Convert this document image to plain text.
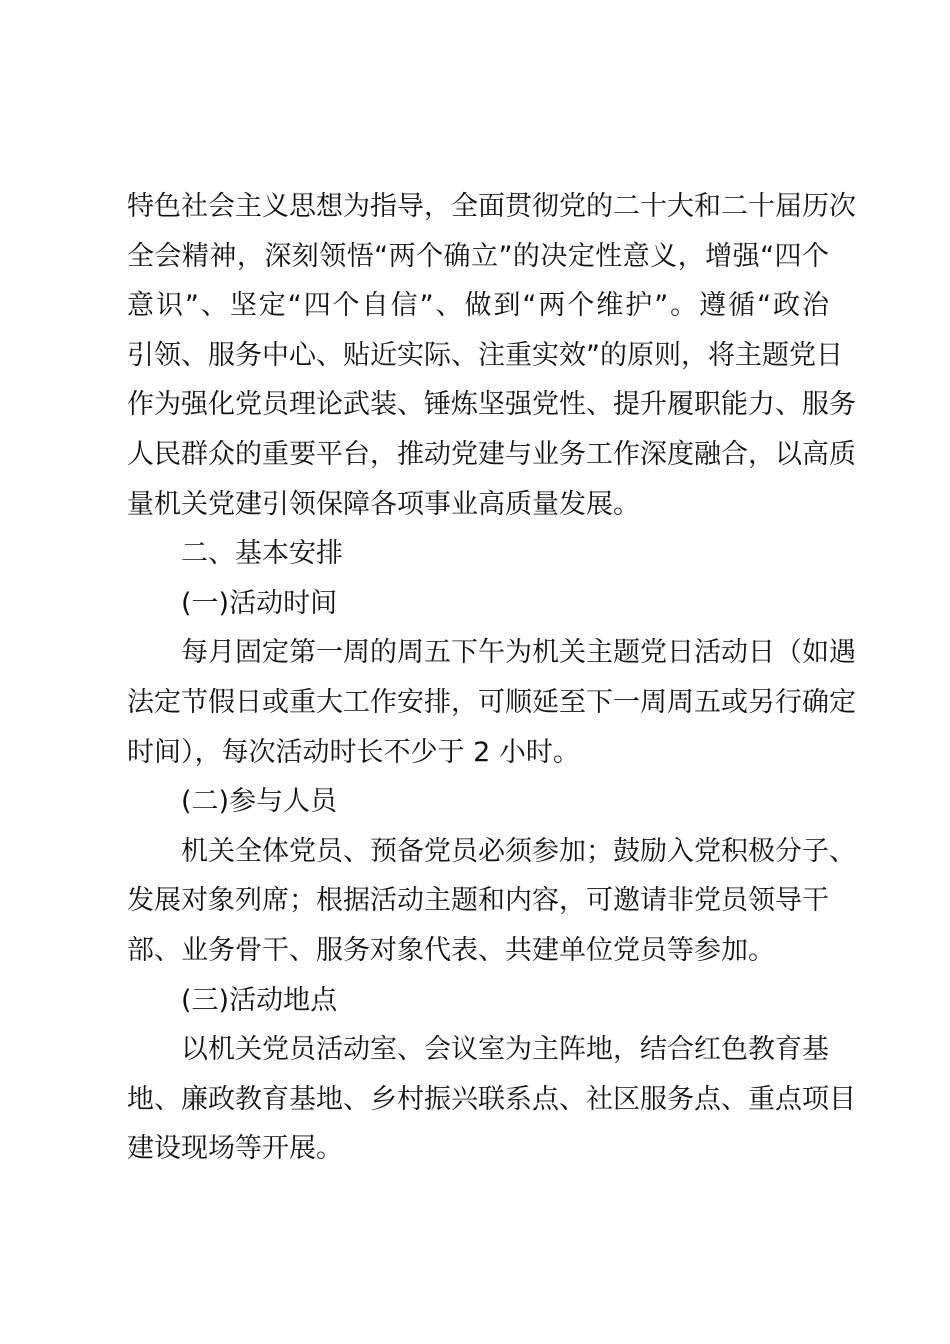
特色社会主义思想为指导，全面贯彻党的二十大和二十届历次
全会精神，深刻领悟“两个确立”的决定性意义，增强“四个
意识”、坚定“四个自信”、做到“两个维护”。遵循“政治
引领、服务中心、贴近实际、注重实效”的原则，将主题党日
作为强化党员理论武装、锤炼坚强党性、提升履职能力、服务
人民群众的重要平台，推动党建与业务工作深度融合，以高质
量机关党建引领保障各项事业高质量发展。
二、基本安排
(一)活动时间
每月固定第一周的周五下午为机关主题党日活动日（如遇
法定节假日或重大工作安排，可顺延至下一周周五或另行确定
时间），每次活动时长不少于 2 小时。
(二)参与人员
机关全体党员、预备党员必须参加；鼓励入党积极分子、
发展对象列席；根据活动主题和内容，可邀请非党员领导干
部、业务骨干、服务对象代表、共建单位党员等参加。
(三)活动地点
以机关党员活动室、会议室为主阵地，结合红色教育基
地、廉政教育基地、乡村振兴联系点、社区服务点、重点项目
建设现场等开展。
